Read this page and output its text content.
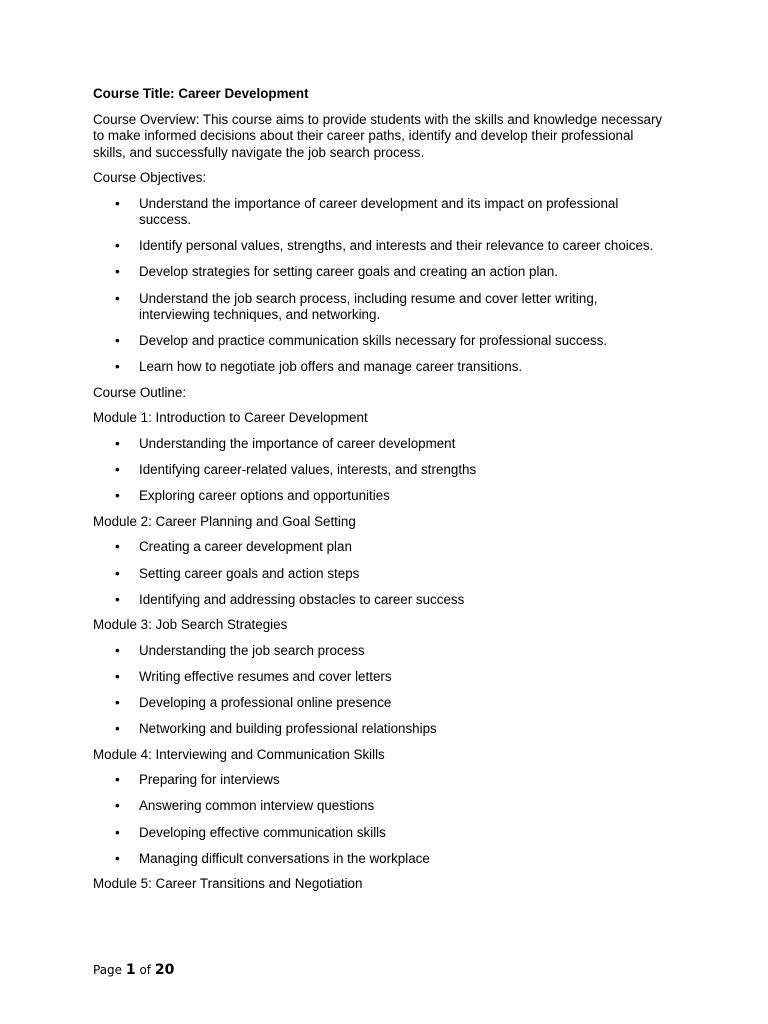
Course Title: Career Development
Course Overview: This course aims to provide students with the skills and knowledge necessary to make informed decisions about their career paths, identify and develop their professional skills, and successfully navigate the job search process.
Course Objectives:
• Understand the importance of career development and its impact on professional success.
• Identify personal values, strengths, and interests and their relevance to career choices.
• Develop strategies for setting career goals and creating an action plan.
• Understand the job search process, including resume and cover letter writing, interviewing techniques, and networking.
• Develop and practice communication skills necessary for professional success.
• Learn how to negotiate job offers and manage career transitions.
Course Outline:
Module 1: Introduction to Career Development
• Understanding the importance of career development
• Identifying career-related values, interests, and strengths
• Exploring career options and opportunities
Module 2: Career Planning and Goal Setting
• Creating a career development plan
• Setting career goals and action steps
• Identifying and addressing obstacles to career success
Module 3: Job Search Strategies
• Understanding the job search process
• Writing effective resumes and cover letters
• Developing a professional online presence
• Networking and building professional relationships
Module 4: Interviewing and Communication Skills
• Preparing for interviews
• Answering common interview questions
• Developing effective communication skills
• Managing difficult conversations in the workplace
Module 5: Career Transitions and Negotiation
Page 1 of 20
